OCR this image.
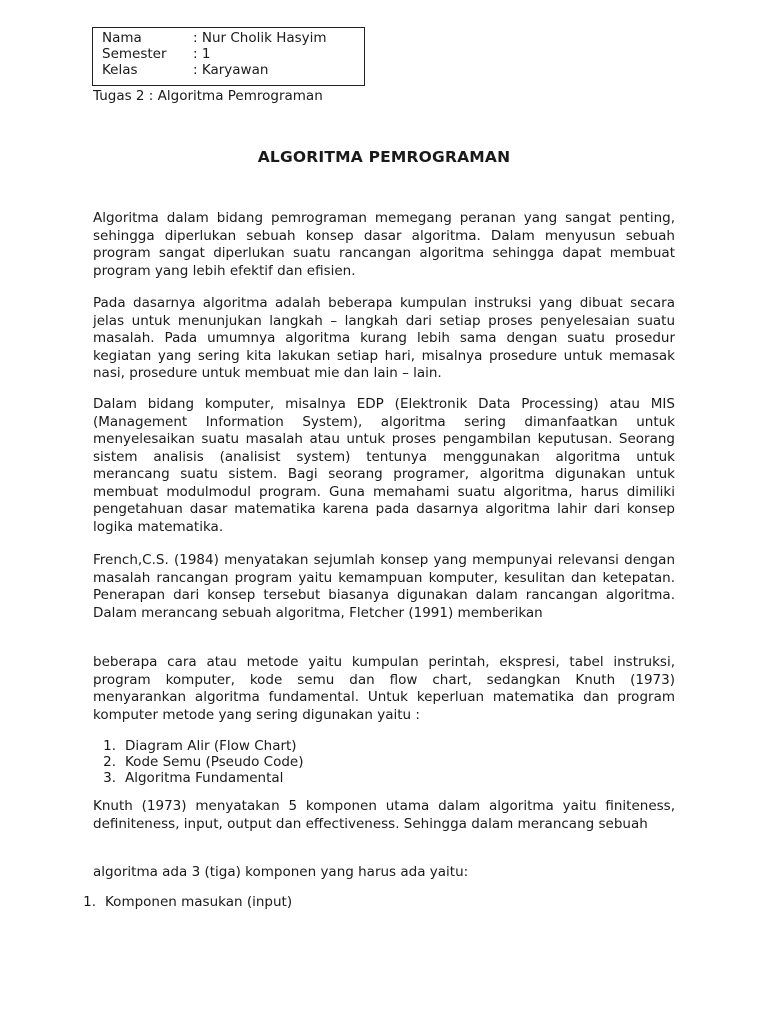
Nama	: Nur Cholik Hasyim
Semester	: 1
Kelas	: Karyawan
Tugas 2 : Algoritma Pemrograman
ALGORITMA PEMROGRAMAN

Algoritma dalam bidang pemrograman memegang peranan yang sangat penting, sehingga diperlukan sebuah konsep dasar algoritma. Dalam menyusun sebuah program sangat diperlukan suatu rancangan algoritma sehingga dapat membuat program yang lebih efektif dan efisien.

Pada dasarnya algoritma adalah beberapa kumpulan instruksi yang dibuat secara jelas untuk menunjukan langkah – langkah dari setiap proses penyelesaian suatu masalah. Pada umumnya algoritma kurang lebih sama dengan suatu prosedur kegiatan yang sering kita lakukan setiap hari, misalnya prosedure untuk memasak nasi, prosedure untuk membuat mie dan lain – lain.

Dalam bidang komputer, misalnya EDP (Elektronik Data Processing) atau MIS (Management Information System), algoritma sering dimanfaatkan untuk menyelesaikan suatu masalah atau untuk proses pengambilan keputusan. Seorang sistem analisis (analisist system) tentunya menggunakan algoritma untuk merancang suatu sistem. Bagi seorang programer, algoritma digunakan untuk membuat modulmodul program. Guna memahami suatu algoritma, harus dimiliki pengetahuan dasar matematika karena pada dasarnya algoritma lahir dari konsep logika matematika.

French,C.S. (1984) menyatakan sejumlah konsep yang mempunyai relevansi dengan masalah rancangan program yaitu kemampuan komputer, kesulitan dan ketepatan. Penerapan dari konsep tersebut biasanya digunakan dalam rancangan algoritma. Dalam merancang sebuah algoritma, Fletcher (1991) memberikan

beberapa cara atau metode yaitu kumpulan perintah, ekspresi, tabel instruksi, program komputer, kode semu dan flow chart, sedangkan Knuth (1973) menyarankan algoritma fundamental. Untuk keperluan matematika dan program komputer metode yang sering digunakan yaitu :

1. Diagram Alir (Flow Chart)
2. Kode Semu (Pseudo Code)
3. Algoritma Fundamental

Knuth (1973) menyatakan 5 komponen utama dalam algoritma yaitu finiteness, definiteness, input, output dan effectiveness. Sehingga dalam merancang sebuah

algoritma ada 3 (tiga) komponen yang harus ada yaitu:

1. Komponen masukan (input)
